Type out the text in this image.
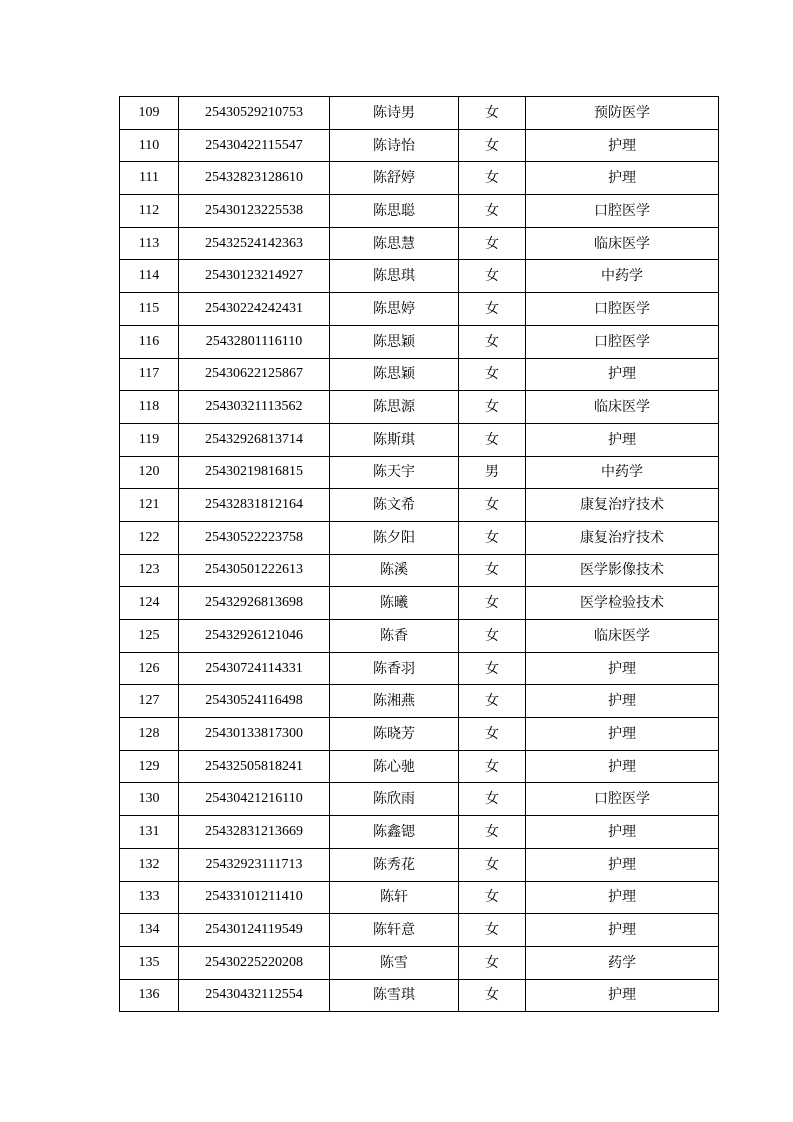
109	25430529210753	陈诗男	女	预防医学
110	25430422115547	陈诗怡	女	护理
111	25432823128610	陈舒婷	女	护理
112	25430123225538	陈思聪	女	口腔医学
113	25432524142363	陈思慧	女	临床医学
114	25430123214927	陈思琪	女	中药学
115	25430224242431	陈思婷	女	口腔医学
116	25432801116110	陈思颖	女	口腔医学
117	25430622125867	陈思颖	女	护理
118	25430321113562	陈思源	女	临床医学
119	25432926813714	陈斯琪	女	护理
120	25430219816815	陈天宇	男	中药学
121	25432831812164	陈文希	女	康复治疗技术
122	25430522223758	陈夕阳	女	康复治疗技术
123	25430501222613	陈溪	女	医学影像技术
124	25432926813698	陈曦	女	医学检验技术
125	25432926121046	陈香	女	临床医学
126	25430724114331	陈香羽	女	护理
127	25430524116498	陈湘燕	女	护理
128	25430133817300	陈晓芳	女	护理
129	25432505818241	陈心驰	女	护理
130	25430421216110	陈欣雨	女	口腔医学
131	25432831213669	陈鑫锶	女	护理
132	25432923111713	陈秀花	女	护理
133	25433101211410	陈轩	女	护理
134	25430124119549	陈轩意	女	护理
135	25430225220208	陈雪	女	药学
136	25430432112554	陈雪琪	女	护理
